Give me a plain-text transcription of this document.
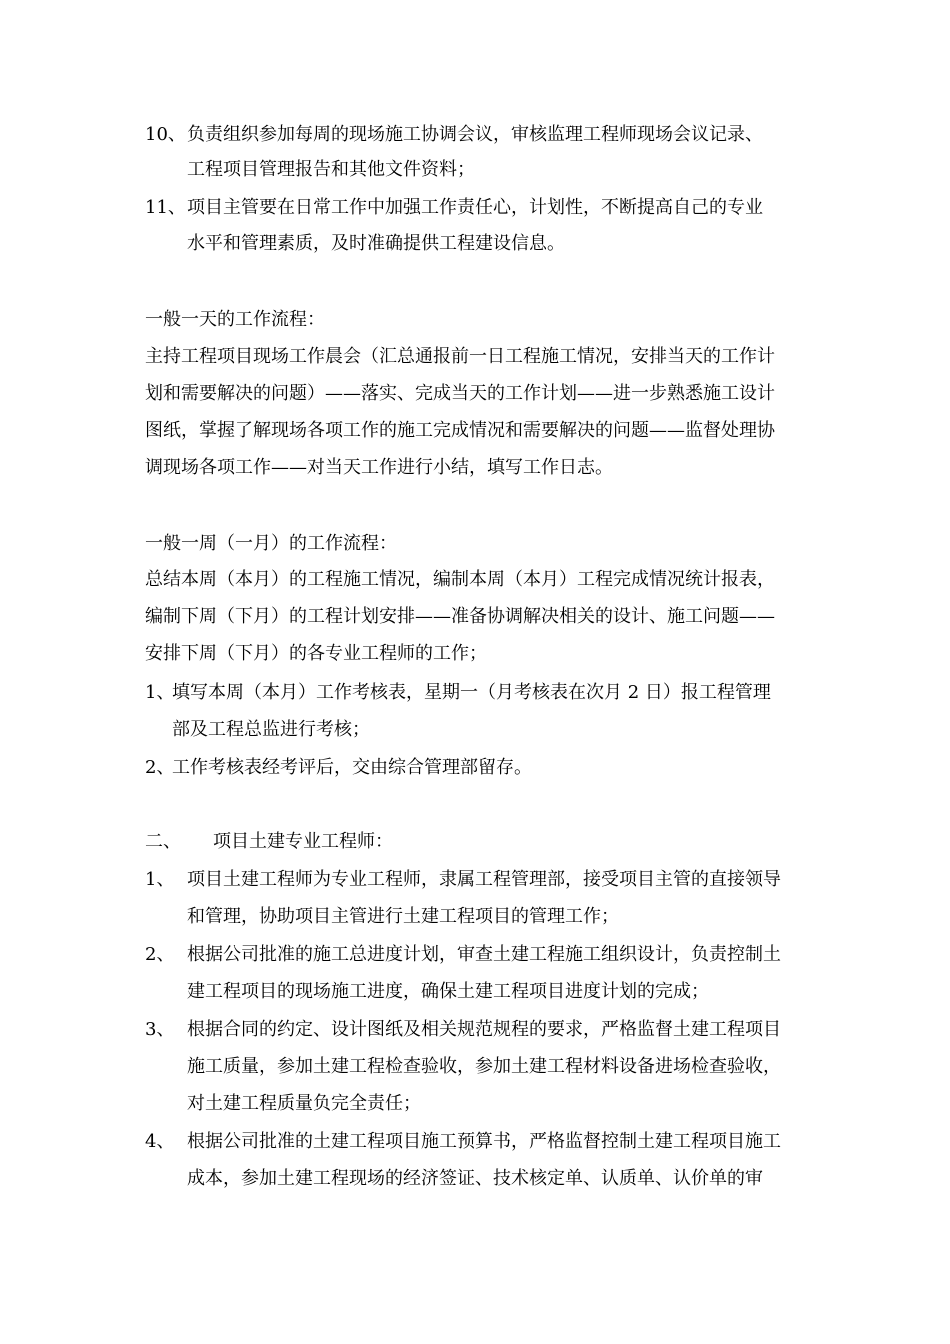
10、 负责组织参加每周的现场施工协调会议，审核监理工程师现场会议记录、
工程项目管理报告和其他文件资料；
11、 项目主管要在日常工作中加强工作责任心，计划性，不断提高自己的专业
水平和管理素质，及时准确提供工程建设信息。
一般一天的工作流程：
主持工程项目现场工作晨会（汇总通报前一日工程施工情况，安排当天的工作计
划和需要解决的问题）——落实、完成当天的工作计划——进一步熟悉施工设计
图纸，掌握了解现场各项工作的施工完成情况和需要解决的问题——监督处理协
调现场各项工作——对当天工作进行小结，填写工作日志。
一般一周（一月）的工作流程：
总结本周（本月）的工程施工情况，编制本周（本月）工程完成情况统计报表，
编制下周（下月）的工程计划安排——准备协调解决相关的设计、施工问题——
安排下周（下月）的各专业工程师的工作；
1、
填写本周（本月）工作考核表，星期一（月考核表在次月 2 日）报工程管理
部及工程总监进行考核；
2、
工作考核表经考评后，交由综合管理部留存。
二、 项目土建专业工程师：
1、 项目土建工程师为专业工程师，隶属工程管理部，接受项目主管的直接领导
和管理，协助项目主管进行土建工程项目的管理工作；
2、 根据公司批准的施工总进度计划，审查土建工程施工组织设计，负责控制土
建工程项目的现场施工进度，确保土建工程项目进度计划的完成；
3、 根据合同的约定、设计图纸及相关规范规程的要求，严格监督土建工程项目
施工质量，参加土建工程检查验收，参加土建工程材料设备进场检查验收，
对土建工程质量负完全责任；
4、 根据公司批准的土建工程项目施工预算书，严格监督控制土建工程项目施工
成本，参加土建工程现场的经济签证、技术核定单、认质单、认价单的审
